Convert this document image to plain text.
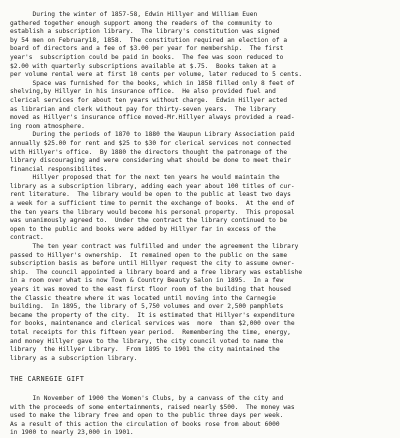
During the winter of 1857-58, Edwin Hillyer and William Euen
gathered together enough support among the readers of the community to
establish a subscription library.  The library's constitution was signed
by 54 men on February18, 1858.  The constitution required an election of a
board of directors and a fee of $3.00 per year for membership.  The first
year's  subscription could be paid in books.  The fee was soon reduced to
$2.00 with quarterly subscriptions available at $.75.  Books taken at a
per volume rental were at first 10 cents per volume, later reduced to 5 cents.
Space was furnished for the books, which in 1858 filled only 8 feet of
shelving,by Hillyer in his insurance office.  He also provided fuel and
clerical services for about ten years without charge.  Edwin Hillyer acted
as librarian and clerk without pay for thirty-seven years.  The library
moved as Hillyer's insurance office moved-Mr.Hillyer always provided a read-
ing room atmosphere.

During the periods of 1870 to 1880 the Waupun Library Association paid
annually $25.00 for rent and $25 to $30 for clerical services not connected
with Hillyer's office.  By 1880 the directors thought the patronage of the
library discouraging and were considering what should be done to meet their
financial responsibilites.

Hillyer proposed that for the next ten years he would maintain the
library as a subscription library, adding each year about 100 titles of cur-
rent literature.  The library would be open to the public at least two days
a week for a sufficient time to permit the exchange of books.  At the end of
the ten years the library would become his personal property.  This proposal
was unanimously agreed to.  Under the contract the library continued to be
open to the public and books were added by Hillyer far in excess of the
contract.

The ten year contract was fulfilled and under the agreement the library
passed to Hillyer's ownership.  It remained open to the public on the same
subscription basis as before until Hillyer request the city to assume owner-
ship.  The council appointed a library board and a free library was establishe
in a room over what is now Town & Country Beauty Salon in 1895.  In a few
years it was moved to the east first floor room of the building that housed
the Classic theatre where it was located until moving into the Carnegie
building.  In 1895, the library of 5,750 volumes and over 2,500 pamphlets
became the property of the city.  It is estimated that Hillyer's expenditure
for books, maintenance and clerical services was  more  than $2,000 over the
total receipts for this fifteen year period.  Remembering the time, energy,
and money Hillyer gave to the library, the city council voted to name the
library  the Hillyer Library.  From 1895 to 1901 the city maintained the
library as a subscription library.

THE CARNEGIE GIFT

In November of 1900 the Women's Clubs, by a canvass of the city and
with the proceeds of some entertainments, raised nearly $500.  The money was
used to make the library free and open to the public three days per week.
As a result of this action the circulation of books rose from about 6000
in 1900 to nearly 23,000 in 1901.
